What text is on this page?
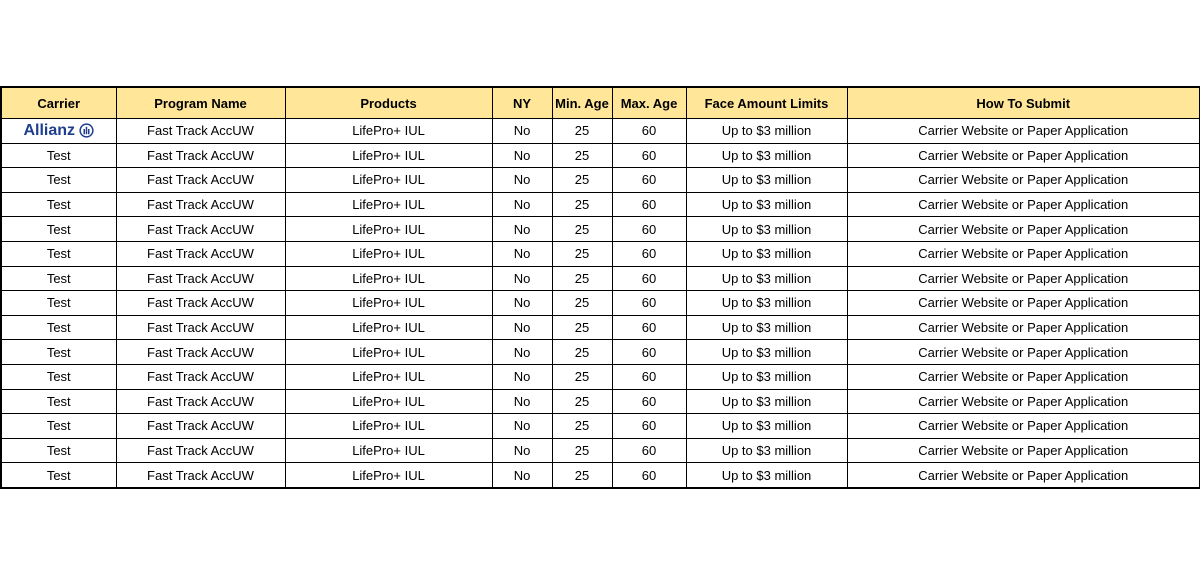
Carrier	Program Name	Products	NY	Min. Age	Max. Age	Face Amount Limits	How To Submit

Allianz	Fast Track AccUW	LifePro+ IUL	No	25	60	Up to $3 million	Carrier Website or Paper Application
Test	Fast Track AccUW	LifePro+ IUL	No	25	60	Up to $3 million	Carrier Website or Paper Application
Test	Fast Track AccUW	LifePro+ IUL	No	25	60	Up to $3 million	Carrier Website or Paper Application
Test	Fast Track AccUW	LifePro+ IUL	No	25	60	Up to $3 million	Carrier Website or Paper Application
Test	Fast Track AccUW	LifePro+ IUL	No	25	60	Up to $3 million	Carrier Website or Paper Application
Test	Fast Track AccUW	LifePro+ IUL	No	25	60	Up to $3 million	Carrier Website or Paper Application
Test	Fast Track AccUW	LifePro+ IUL	No	25	60	Up to $3 million	Carrier Website or Paper Application
Test	Fast Track AccUW	LifePro+ IUL	No	25	60	Up to $3 million	Carrier Website or Paper Application
Test	Fast Track AccUW	LifePro+ IUL	No	25	60	Up to $3 million	Carrier Website or Paper Application
Test	Fast Track AccUW	LifePro+ IUL	No	25	60	Up to $3 million	Carrier Website or Paper Application
Test	Fast Track AccUW	LifePro+ IUL	No	25	60	Up to $3 million	Carrier Website or Paper Application
Test	Fast Track AccUW	LifePro+ IUL	No	25	60	Up to $3 million	Carrier Website or Paper Application
Test	Fast Track AccUW	LifePro+ IUL	No	25	60	Up to $3 million	Carrier Website or Paper Application
Test	Fast Track AccUW	LifePro+ IUL	No	25	60	Up to $3 million	Carrier Website or Paper Application
Test	Fast Track AccUW	LifePro+ IUL	No	25	60	Up to $3 million	Carrier Website or Paper Application
